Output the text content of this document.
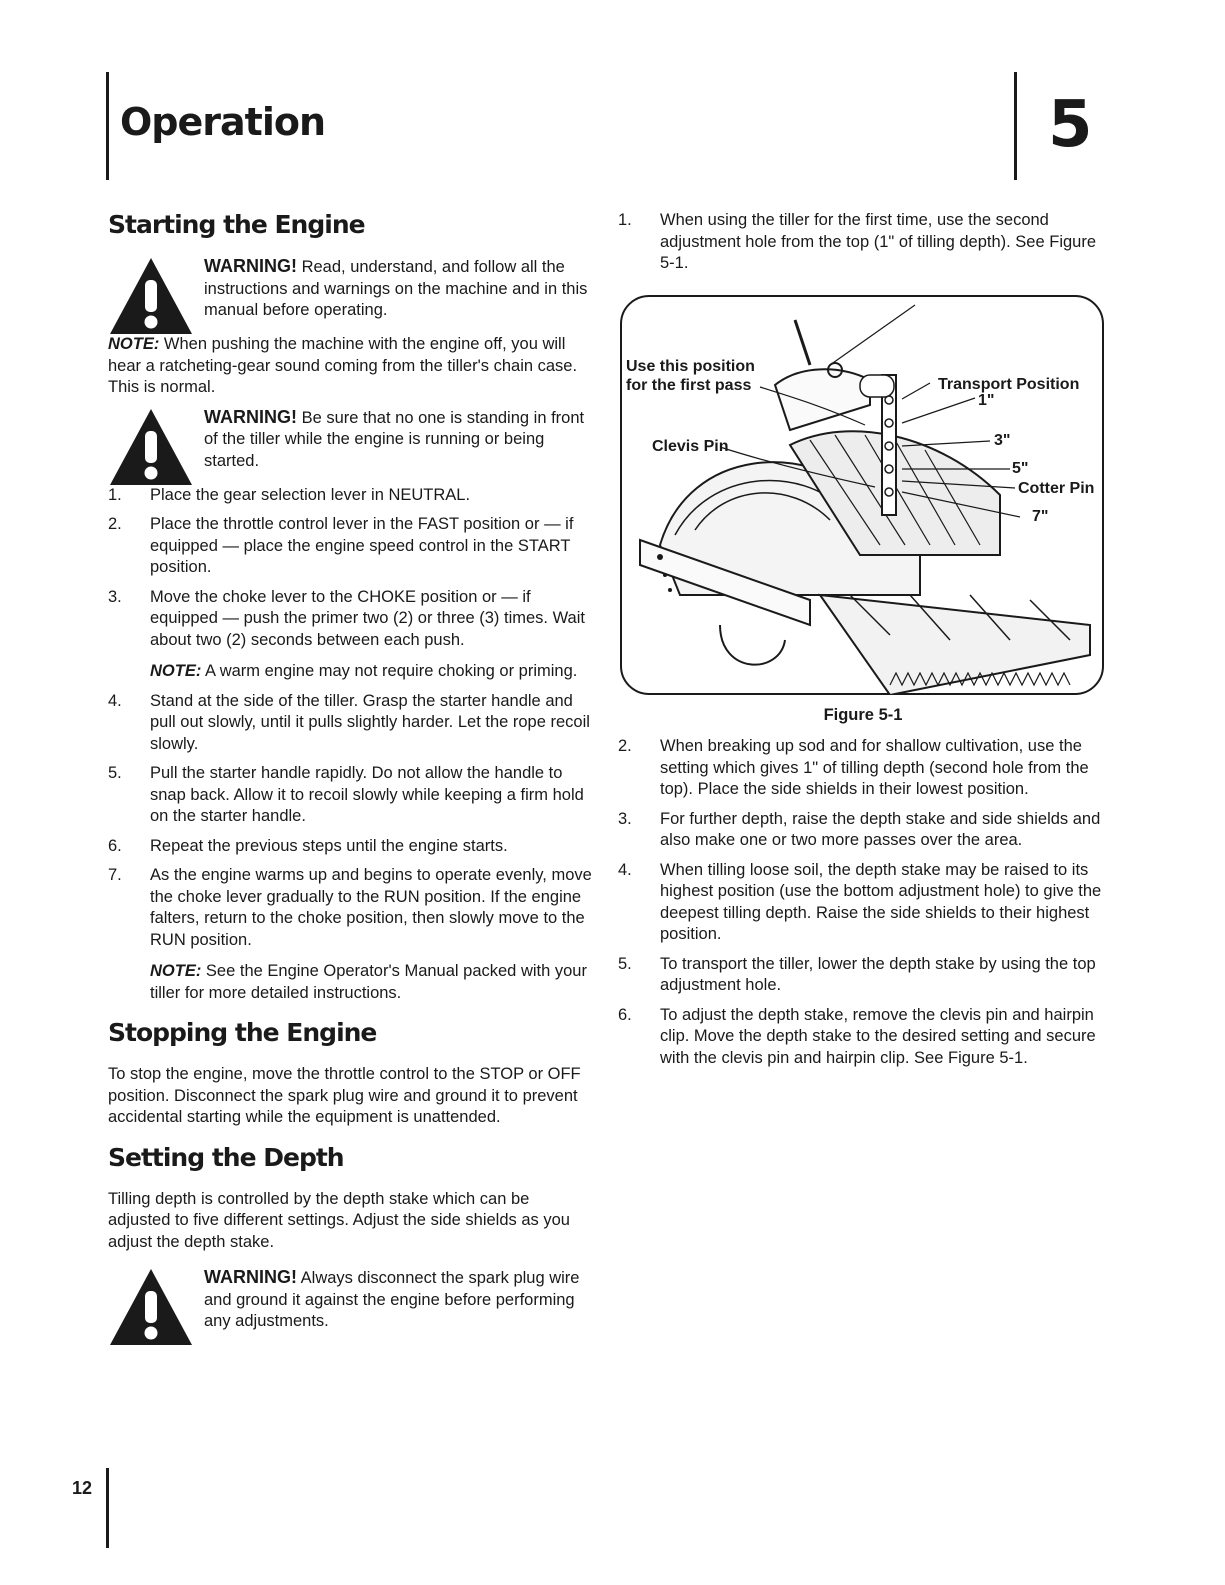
Operation	5
Starting the Engine
WARNING! Read, understand, and follow all the instructions and warnings on the machine and in this manual before operating.

NOTE: When pushing the machine with the engine off, you will hear a ratcheting-gear sound coming from the tiller's chain case. This is normal.

WARNING! Be sure that no one is standing in front of the tiller while the engine is running or being started.
1. Place the gear selection lever in NEUTRAL.
2. Place the throttle control lever in the FAST position or — if equipped — place the engine speed control in the START position.
3. Move the choke lever to the CHOKE position or — if equipped — push the primer two (2) or three (3) times. Wait about two (2) seconds between each push.

NOTE: A warm engine may not require choking or priming.

4. Stand at the side of the tiller. Grasp the starter handle and pull out slowly, until it pulls slightly harder. Let the rope recoil slowly.
5. Pull the starter handle rapidly. Do not allow the handle to snap back. Allow it to recoil slowly while keeping a firm hold on the starter handle.
6. Repeat the previous steps until the engine starts.
7. As the engine warms up and begins to operate evenly, move the choke lever gradually to the RUN position. If the engine falters, return to the choke position, then slowly move to the RUN position.

NOTE: See the Engine Operator's Manual packed with your tiller for more detailed instructions.

Stopping the Engine

To stop the engine, move the throttle control to the STOP or OFF position. Disconnect the spark plug wire and ground it to prevent accidental starting while the equipment is unattended.

Setting the Depth

Tilling depth is controlled by the depth stake which can be adjusted to five different settings. Adjust the side shields as you adjust the depth stake.

WARNING! Always disconnect the spark plug wire and ground it against the engine before performing any adjustments.
1. When using the tiller for the first time, use the second adjustment hole from the top (1" of tilling depth). See Figure 5-1.
Use this position for the first pass
Clevis Pin
Transport Position
1"
3"
5"
Cotter Pin
7"
Figure 5-1
2. When breaking up sod and for shallow cultivation, use the setting which gives 1" of tilling depth (second hole from the top). Place the side shields in their lowest position.
3. For further depth, raise the depth stake and side shields and also make one or two more passes over the area.
4. When tilling loose soil, the depth stake may be raised to its highest position (use the bottom adjustment hole) to give the deepest tilling depth. Raise the side shields to their highest position.
5. To transport the tiller, lower the depth stake by using the top adjustment hole.
6. To adjust the depth stake, remove the clevis pin and hairpin clip. Move the depth stake to the desired setting and secure with the clevis pin and hairpin clip. See Figure 5-1.
12
